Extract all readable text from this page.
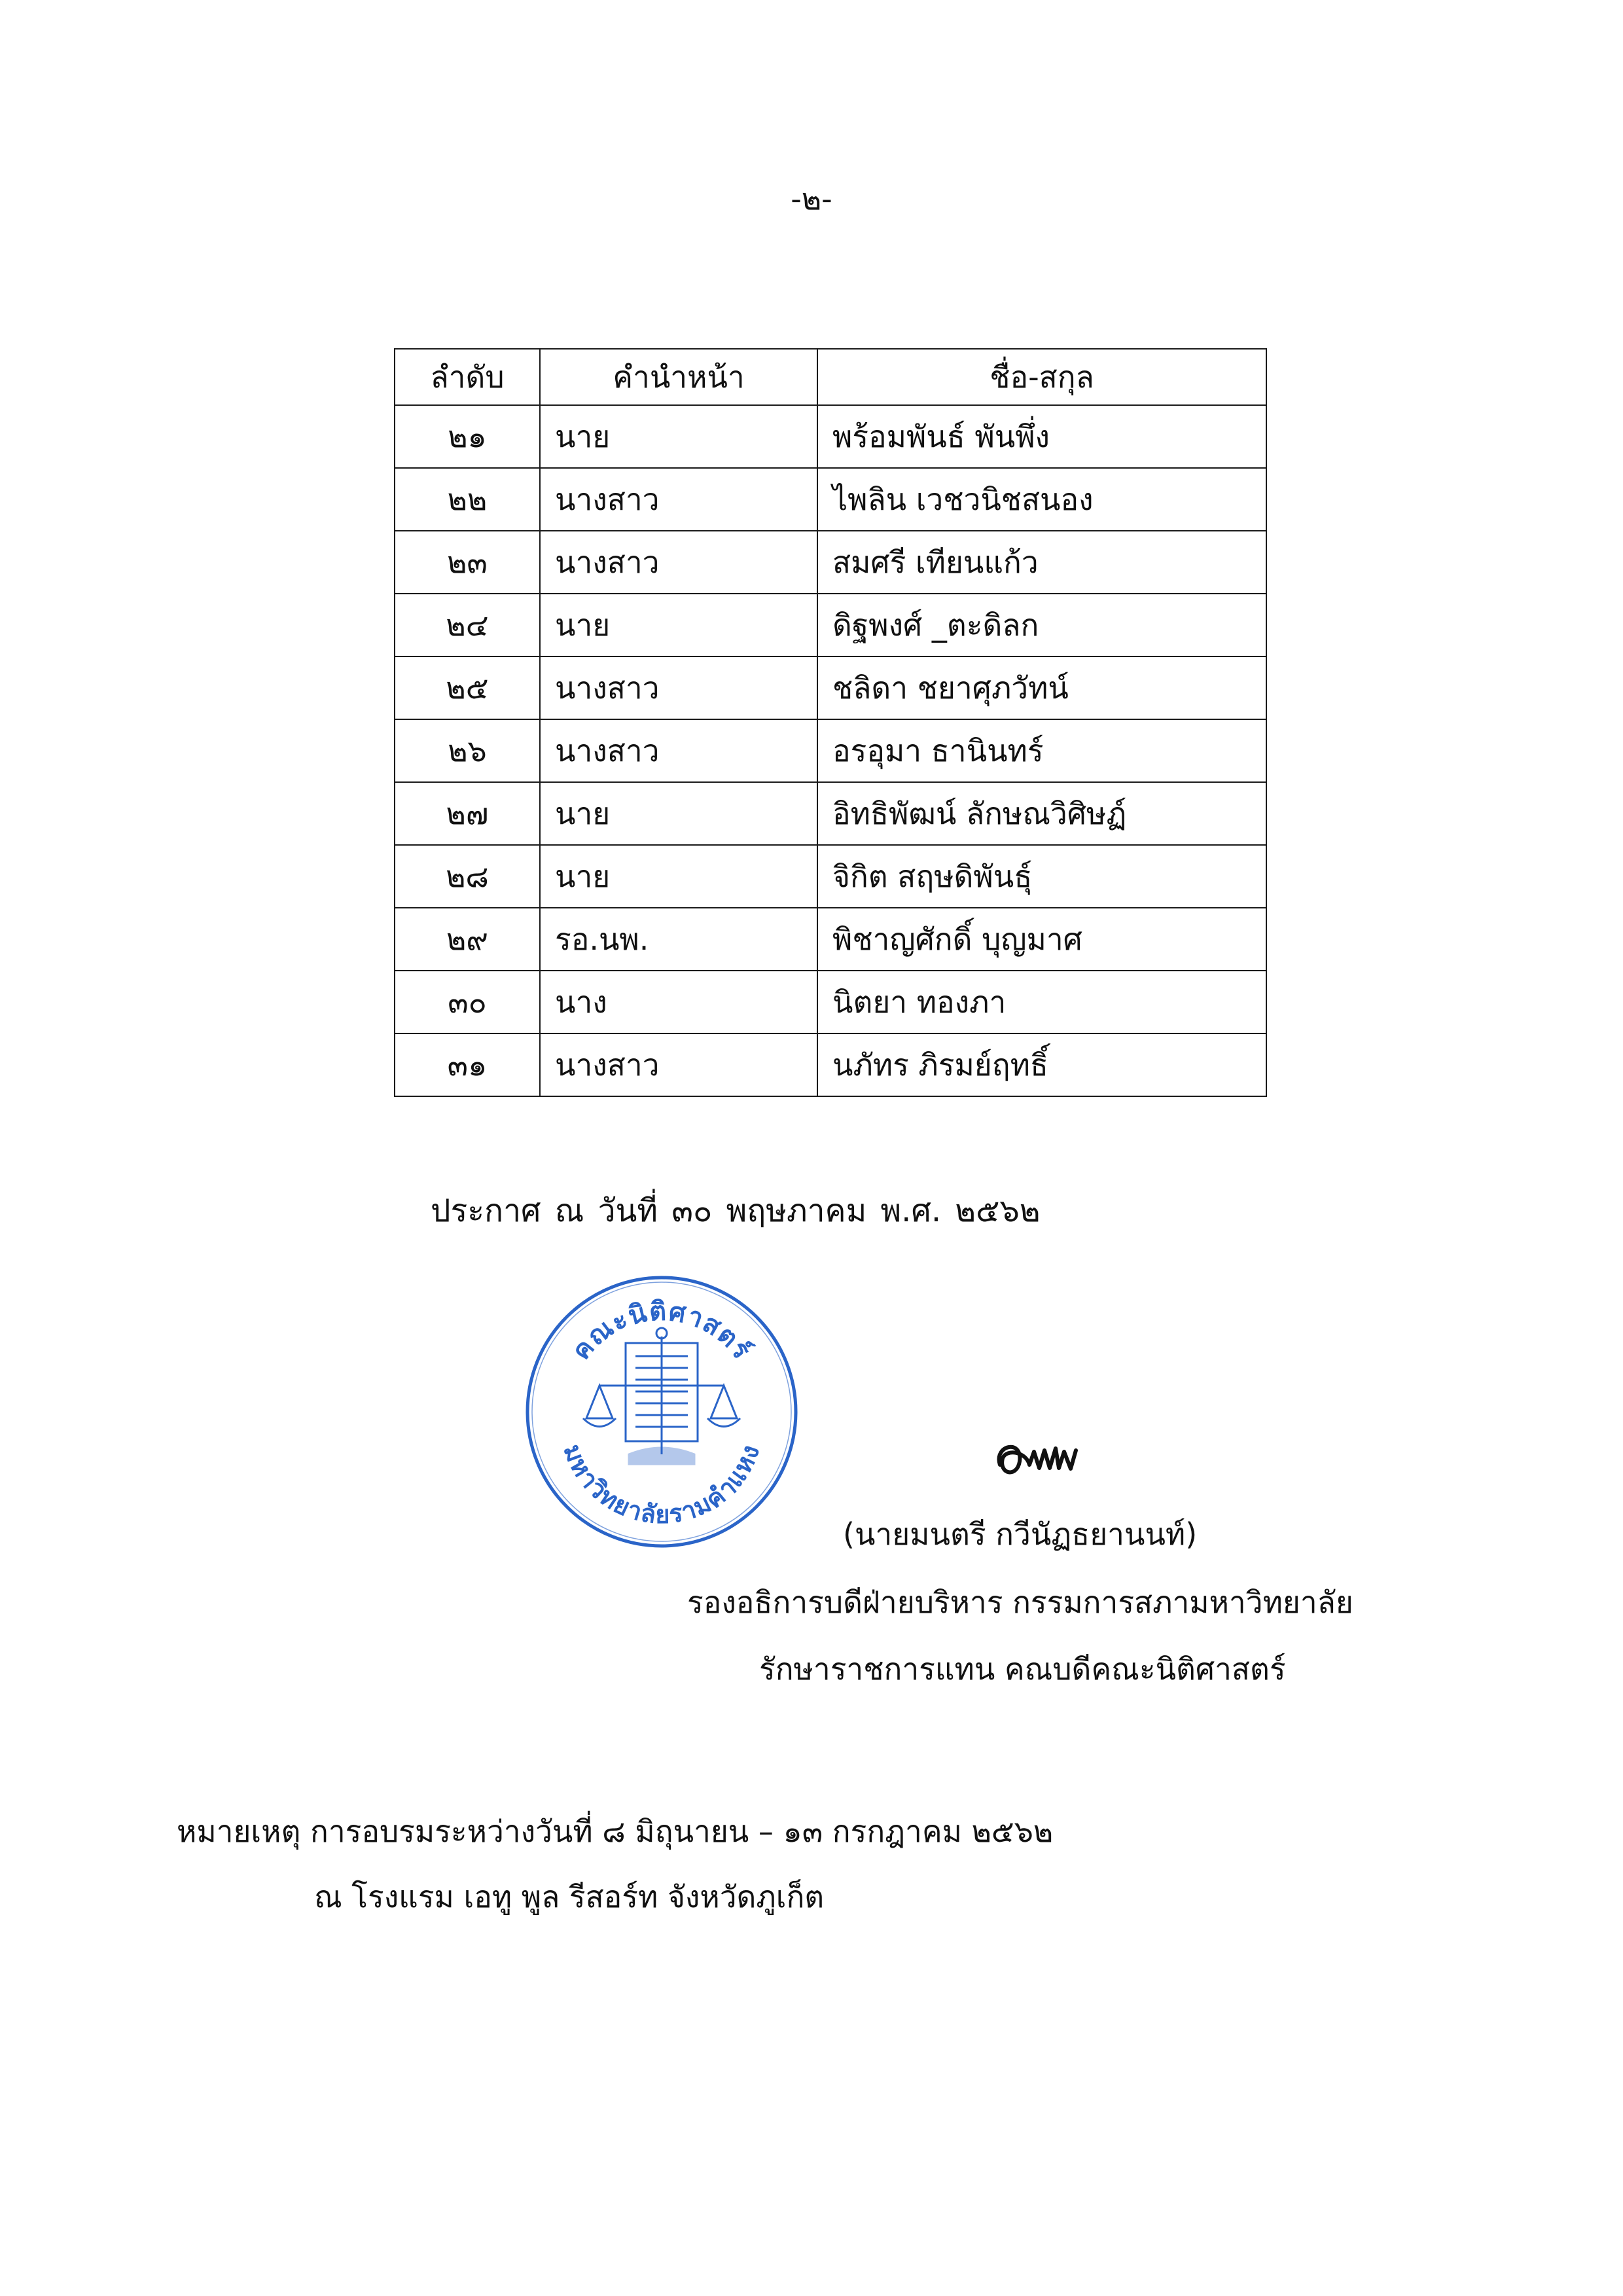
-๒-
ลำดับ	คำนำหน้า	ชื่อ-สกุล
๒๑	นาย	พร้อมพันธ์ พันพึ่ง
๒๒	นางสาว	ไพลิน เวชวนิชสนอง
๒๓	นางสาว	สมศรี เทียนแก้ว
๒๔	นาย	ดิฐพงศ์ _ตะดิลก
๒๕	นางสาว	ชลิดา ชยาศุภวัทน์
๒๖	นางสาว	อรอุมา ธานินทร์
๒๗	นาย	อิทธิพัฒน์ ลักษณวิศิษฏ์
๒๘	นาย	จิกิต สฤษดิพันธุ์
๒๙	รอ.นพ.	พิชาญศักดิ์ บุญมาศ
๓๐	นาง	นิตยา ทองภา
๓๑	นางสาว	นภัทร ภิรมย์ฤทธิ์
ประกาศ ณ วันที่ ๓๐ พฤษภาคม พ.ศ. ๒๕๖๒
คณะนิติศาสตร์
มหาวิทยาลัยรามคำแหง
(นายมนตรี กวีนัฏธยานนท์)
รองอธิการบดีฝ่ายบริหาร กรรมการสภามหาวิทยาลัย
รักษาราชการแทน คณบดีคณะนิติศาสตร์
หมายเหตุ การอบรมระหว่างวันที่ ๘ มิถุนายน – ๑๓ กรกฎาคม ๒๕๖๒
ณ โรงแรม เอทู พูล รีสอร์ท จังหวัดภูเก็ต
